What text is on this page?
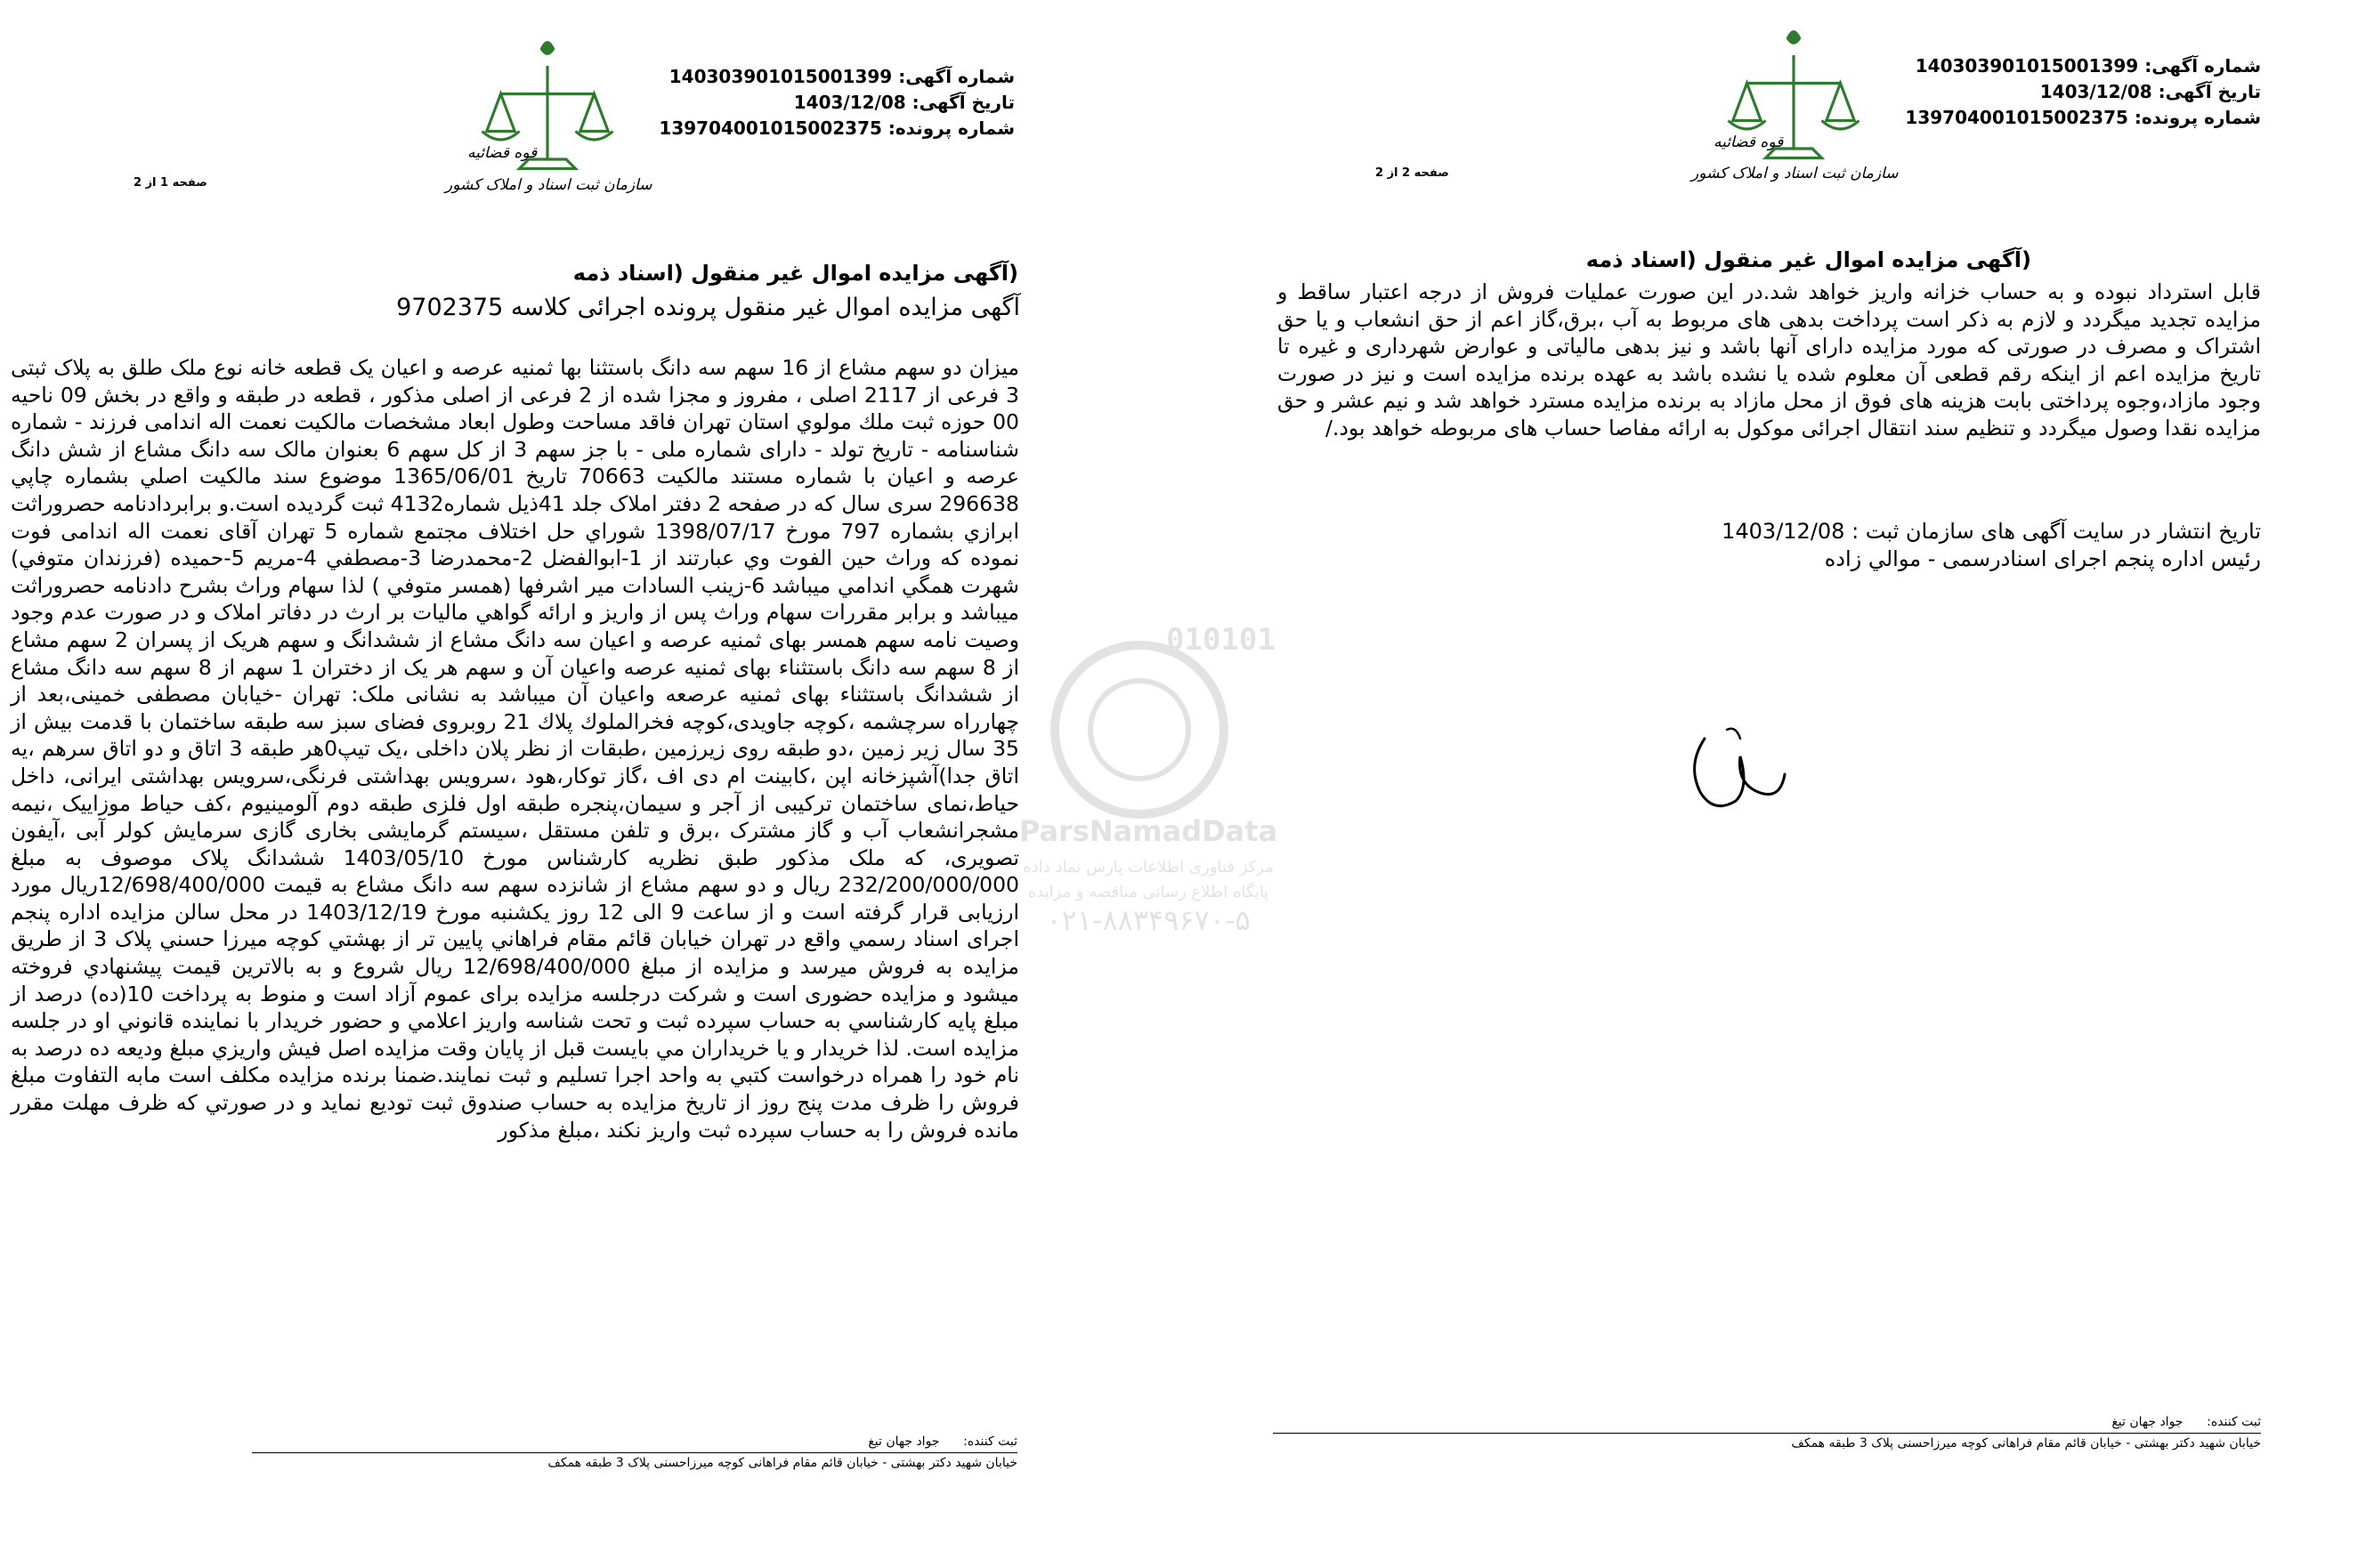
شماره آگهی: 140303901015001399
تاریخ آگهی: 1403/12/08
شماره پرونده: 139704001015002375
قوه قضائیه
سازمان ثبت اسناد و املاک کشور
صفحه 2 از 2
(آگهی مزایده اموال غیر منقول (اسناد ذمه
قابل استرداد نبوده و به حساب خزانه واریز خواهد شد.در این صورت عملیات فروش از درجه اعتبار ساقط و مزایده تجدید میگردد و لازم به ذکر است پرداخت بدهی های مربوط به آب ،برق،گاز اعم از حق انشعاب و یا حق اشتراک و مصرف در صورتی که مورد مزایده دارای آنها باشد و نیز بدهی مالیاتی و عوارض شهرداری و غیره تا تاریخ مزایده اعم از اینکه رقم قطعی آن معلوم شده یا نشده باشد به عهده برنده مزایده است و نیز در صورت وجود مازاد،وجوه پرداختی بابت هزینه های فوق از محل مازاد به برنده مزایده مسترد خواهد شد و نیم عشر و حق مزایده نقدا وصول میگردد و تنظیم سند انتقال اجرائی موکول به ارائه مفاصا حساب های مربوطه خواهد بود./
تاریخ انتشار در سایت آگهی های سازمان ثبت : 1403/12/08
رئیس اداره پنجم اجرای اسنادرسمی - موالي زاده
ثبت کننده:      جواد جهان تیغ
خیابان شهید دکتر بهشتی - خیابان قائم مقام فراهانی کوچه میرزاحسنی پلاک 3 طبقه همکف
شماره آگهی: 140303901015001399
تاریخ آگهی: 1403/12/08
شماره پرونده: 139704001015002375
قوه قضائیه
سازمان ثبت اسناد و املاک کشور
صفحه 1 از 2
(آگهی مزایده اموال غیر منقول (اسناد ذمه
آگهی مزایده اموال غیر منقول پرونده اجرائی کلاسه 9702375
میزان دو سهم مشاع از 16 سهم سه دانگ باستثنا بها ثمنیه عرصه و اعیان یک قطعه خانه نوع ملک طلق به پلاک ثبتی 3 فرعی از 2117 اصلی ، مفروز و مجزا شده از 2 فرعی از اصلی مذکور ، قطعه در طبقه و واقع در بخش 09 ناحیه 00 حوزه ثبت ملك مولوي استان تهران فاقد مساحت وطول ابعاد مشخصات مالکیت نعمت اله اندامی فرزند - شماره شناسنامه - تاریخ تولد - دارای شماره ملی - با جز سهم 3 از کل سهم 6 بعنوان مالک سه دانگ مشاع از شش دانگ عرصه و اعیان با شماره مستند مالکیت 70663 تاریخ 1365/06/01 موضوع سند مالکیت اصلي بشماره چاپي 296638 سری سال که در صفحه 2 دفتر املاک جلد 41ذيل شماره4132 ثبت گرديده است.و برابردادنامه حصروراثت ابرازي بشماره 797 مورخ 1398/07/17 شوراي حل اختلاف مجتمع شماره 5 تهران آقای نعمت اله اندامی فوت نموده که وراث حين الفوت وي عبارتند از 1-ابوالفضل 2-محمدرضا 3-مصطفي 4-مريم 5-حميده (فرزندان متوفي) شهرت همگي اندامي ميباشد 6-زينب السادات مير اشرفها (همسر متوفي ) لذا سهام وراث بشرح دادنامه حصروراثت ميباشد و برابر مقررات سهام وراث پس از واريز و ارائه گواهي ماليات بر ارث در دفاتر املاک و در صورت عدم وجود وصيت نامه سهم همسر بهای ثمنیه عرصه و اعیان سه دانگ مشاع از ششدانگ و سهم هريک از پسران 2 سهم مشاع از 8 سهم سه دانگ باستثناء بهای ثمنیه عرصه واعیان آن و سهم هر يک از دختران 1 سهم از 8 سهم سه دانگ مشاع از ششدانگ باستثناء بهای ثمنیه عرصعه واعیان آن میباشد به نشانی ملک: تهران -خيابان مصطفى خمينى،بعد از چهارراه سرچشمه ،كوچه جاويدى،كوچه فخرالملوك پلاك 21 روبروى فضاى سبز سه طبقه ساختمان با قدمت بيش از 35 سال زير زمين ،دو طبقه روى زيرزمين ،طبقات از نظر پلان داخلى ،يک تيپ0هر طبقه 3 اتاق و دو اتاق سرهم ،يه اتاق جدا)آشپزخانه اپن ،كابينت ام دى اف ،گاز توكار،هود ،سرويس بهداشتى فرنگى،سرويس بهداشتى ايرانى، داخل حياط،نماى ساختمان تركيبى از آجر و سيمان،پنجره طبقه اول فلزى طبقه دوم آلومينيوم ،كف حياط موزاييک ،نيمه مشجرانشعاب آب و گاز مشترک ،برق و تلفن مستقل ،سيستم گرمايشى بخارى گازى سرمايش كولر آبى ،آيفون تصويرى، كه ملک مذكور طبق نظريه كارشناس مورخ 1403/05/10 ششدانگ پلاک موصوف به مبلغ 232/200/000/000 ريال و دو سهم مشاع از شانزده سهم سه دانگ مشاع به قيمت 12/698/400/000ريال مورد ارزيابی قرار گرفته است و از ساعت 9 الی 12 روز يكشنبه مورخ 1403/12/19 در محل سالن مزايده اداره پنجم اجرای اسناد رسمي واقع در تهران خيابان قائم مقام فراهاني پايين تر از بهشتي كوچه ميرزا حسني پلاک 3 از طريق مزايده به فروش ميرسد و مزايده از مبلغ 12/698/400/000 ريال شروع و به بالاترين قيمت پيشنهادي فروخته ميشود و مزايده حضوری است و شرکت درجلسه مزايده برای عموم آزاد است و منوط به پرداخت 10(ده) درصد از مبلغ پايه كارشناسي به حساب سپرده ثبت و تحت شناسه واريز اعلامي و حضور خريدار با نماينده قانوني او در جلسه مزايده است. لذا خريدار و يا خريداران مي بايست قبل از پايان وقت مزايده اصل فيش واريزي مبلغ وديعه ده درصد به نام خود را همراه درخواست كتبي به واحد اجرا تسليم و ثبت نمايند.ضمنا برنده مزايده مكلف است مابه التفاوت مبلغ فروش را ظرف مدت پنج روز از تاريخ مزايده به حساب صندوق ثبت توديع نمايد و در صورتي كه ظرف مهلت مقرر مانده فروش را به حساب سپرده ثبت واريز نكند ،مبلغ مذكور
ثبت کننده:      جواد جهان تیغ
خیابان شهید دکتر بهشتی - خیابان قائم مقام فراهانی کوچه میرزاحسنی پلاک 3 طبقه همکف
010101
ParsNamadData
مرکز فناوری اطلاعات پارس نماد داده
پایگاه اطلاع رسانی مناقصه و مزایده
۰۲۱-۸۸۳۴۹۶۷۰-۵
